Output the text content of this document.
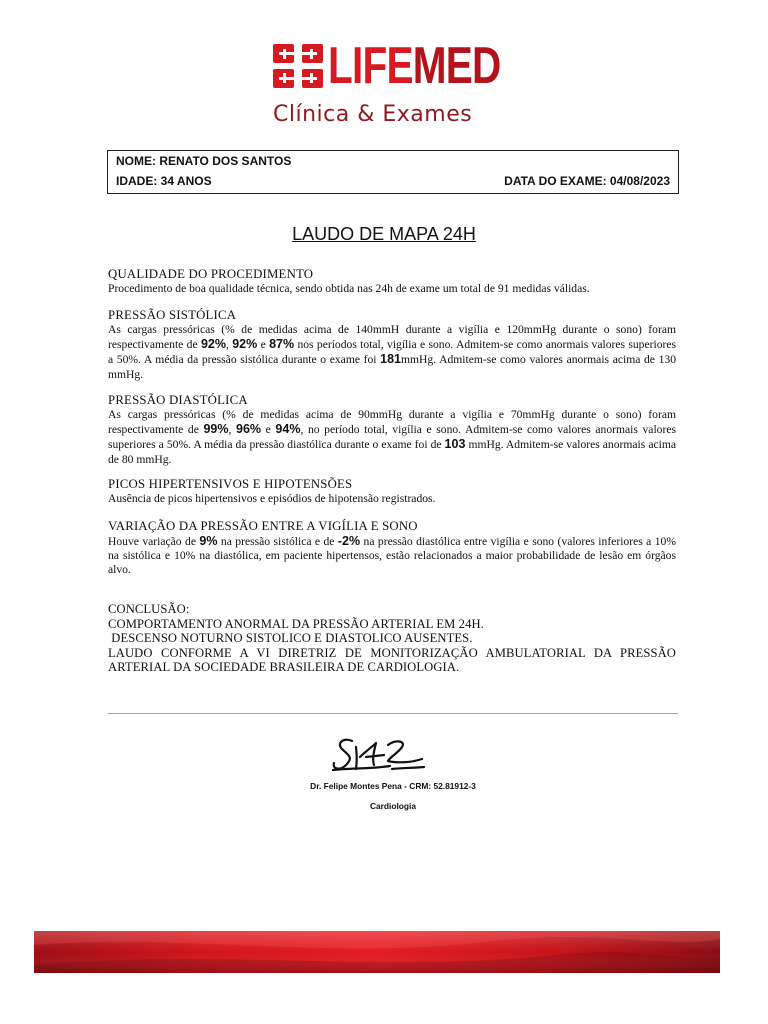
LIFEMED
Clínica & Exames
NOME: RENATO DOS SANTOS
IDADE: 34 ANOS	DATA DO EXAME: 04/08/2023
LAUDO DE MAPA 24H
QUALIDADE DO PROCEDIMENTO
Procedimento de boa qualidade técnica, sendo obtida nas 24h de exame um total de 91 medidas válidas.
PRESSÃO SISTÓLICA
As cargas pressóricas (% de medidas acima de 140mmH durante a vigília e 120mmHg durante o sono) foram respectivamente de 92%, 92% e 87% nos períodos total, vigília e sono. Admitem-se como anormais valores superiores a 50%. A média da pressão sistólica durante o exame foi 181mmHg. Admitem-se como valores anormais acima de 130 mmHg.
PRESSÃO DIASTÓLICA
As cargas pressóricas (% de medidas acima de 90mmHg durante a vigília e 70mmHg durante o sono) foram respectivamente de 99%, 96% e 94%, no período total, vigília e sono. Admitem-se como valores anormais valores superiores a 50%. A média da pressão diastólica durante o exame foi de 103 mmHg. Admitem-se valores anormais acima de 80 mmHg.
PICOS HIPERTENSIVOS E HIPOTENSÕES
Ausência de picos hipertensivos e episódios de hipotensão registrados.
VARIAÇÃO DA PRESSÃO ENTRE A VIGÍLIA E SONO
Houve variação de 9% na pressão sistólica e de -2% na pressão diastólica entre vigília e sono (valores inferiores a 10% na sistólica e 10% na diastólica, em paciente hipertensos, estão relacionados a maior probabilidade de lesão em órgãos alvo.
CONCLUSÃO:
COMPORTAMENTO ANORMAL DA PRESSÃO ARTERIAL EM 24H.
DESCENSO NOTURNO SISTOLICO E DIASTOLICO AUSENTES.
LAUDO CONFORME A VI DIRETRIZ DE MONITORIZAÇÃO AMBULATORIAL DA PRESSÃO
ARTERIAL DA SOCIEDADE BRASILEIRA DE CARDIOLOGIA.
Dr. Felipe Montes Pena - CRM: 52.81912-3
Cardiologia
